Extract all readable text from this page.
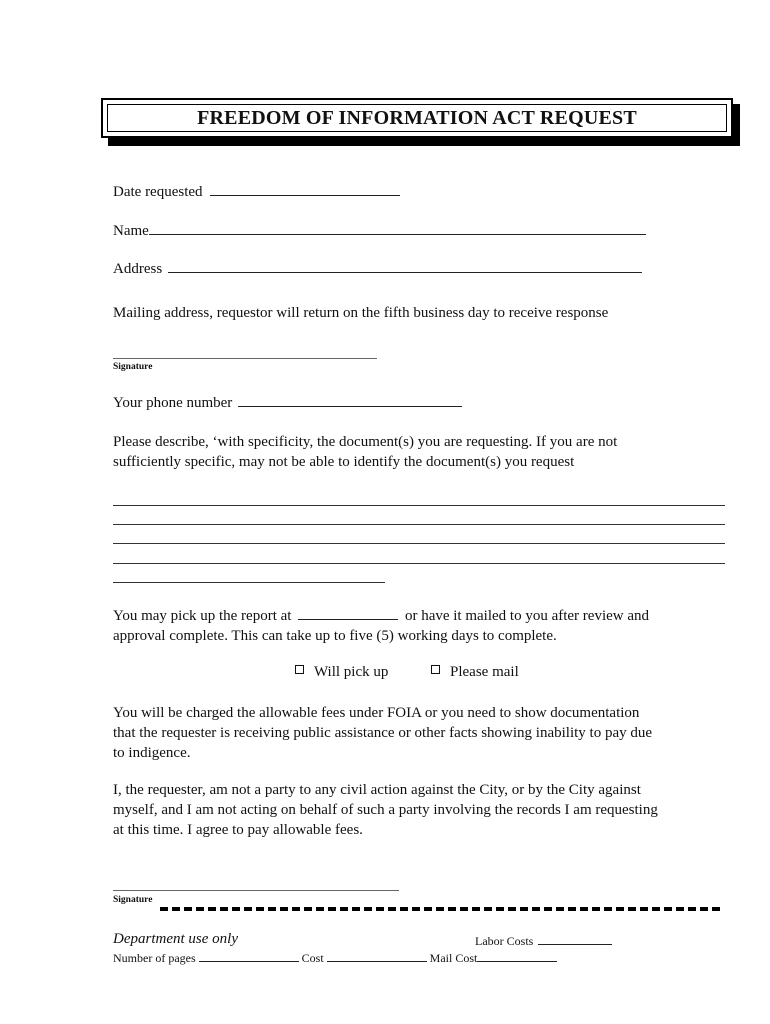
FREEDOM OF INFORMATION ACT REQUEST
Date requested
Name
Address
Mailing address, requestor will return on the fifth business day to receive response
Signature
Your phone number
Please describe, ‘with specificity, the document(s) you are requesting. If you are not
sufficiently specific, may not be able to identify the document(s) you request
You may pick up the report at	or have it mailed to you after review and
approval complete. This can take up to five (5) working days to complete.
Will pick up	Please mail
You will be charged the allowable fees under FOIA or you need to show documentation
that the requester is receiving public assistance or other facts showing inability to pay due
to indigence.
I, the requester, am not a party to any civil action against the City, or by the City against
myself, and I am not acting on behalf of such a party involving the records I am requesting
at this time. I agree to pay allowable fees.
Signature
Department use only	Labor Costs
Number of pages	Cost	Mail Cost
